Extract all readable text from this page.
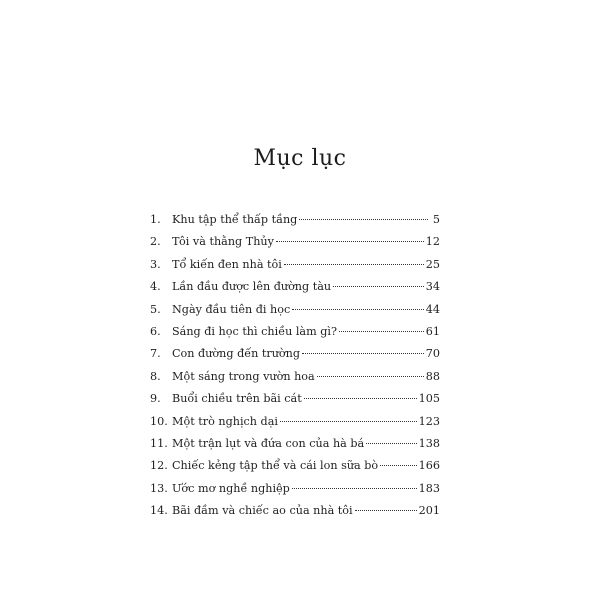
Mục lục
1.	Khu tập thể thấp tầng	5
2.	Tôi và thằng Thủy	12
3.	Tổ kiến đen nhà tôi	25
4.	Lần đầu được lên đường tàu	34
5.	Ngày đầu tiên đi học	44
6.	Sáng đi học thì chiều làm gì?	61
7.	Con đường đến trường	70
8.	Một sáng trong vườn hoa	88
9.	Buổi chiều trên bãi cát	105
10. Một trò nghịch dại	123
11. Một trận lụt và đứa con của hà bá	138
12. Chiếc kẻng tập thể và cái lon sữa bò	166
13. Ước mơ nghề nghiệp	183
14. Bãi đầm và chiếc ao của nhà tôi	201
